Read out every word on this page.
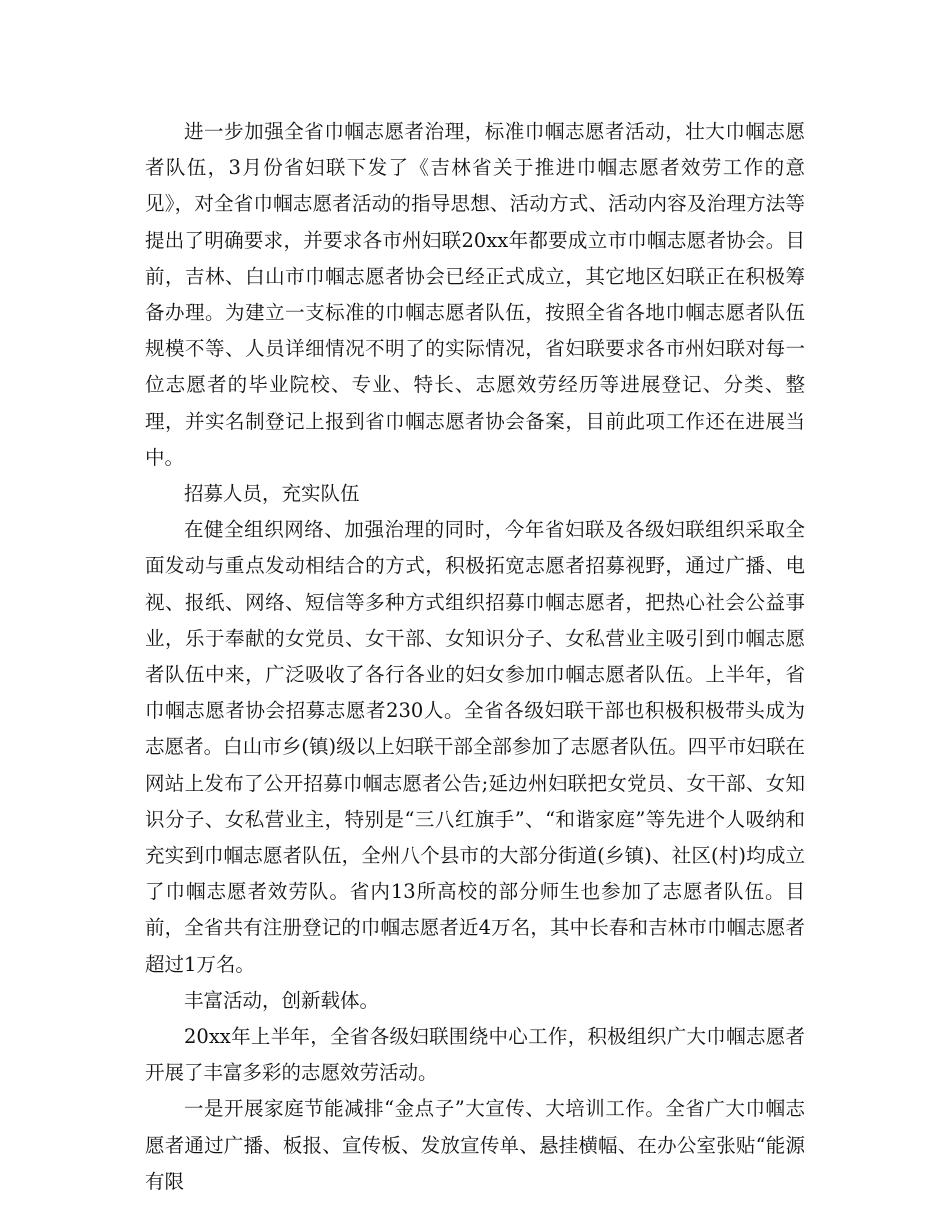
进一步加强全省巾帼志愿者治理，标准巾帼志愿者活动，壮大巾帼志愿者队伍，3月份省妇联下发了《吉林省关于推进巾帼志愿者效劳工作的意见》，对全省巾帼志愿者活动的指导思想、活动方式、活动内容及治理方法等提出了明确要求，并要求各市州妇联20xx年都要成立市巾帼志愿者协会。目前，吉林、白山市巾帼志愿者协会已经正式成立，其它地区妇联正在积极筹备办理。为建立一支标准的巾帼志愿者队伍，按照全省各地巾帼志愿者队伍规模不等、人员详细情况不明了的实际情况，省妇联要求各市州妇联对每一位志愿者的毕业院校、专业、特长、志愿效劳经历等进展登记、分类、整理，并实名制登记上报到省巾帼志愿者协会备案，目前此项工作还在进展当中。

招募人员，充实队伍

在健全组织网络、加强治理的同时，今年省妇联及各级妇联组织采取全面发动与重点发动相结合的方式，积极拓宽志愿者招募视野，通过广播、电视、报纸、网络、短信等多种方式组织招募巾帼志愿者，把热心社会公益事业，乐于奉献的女党员、女干部、女知识分子、女私营业主吸引到巾帼志愿者队伍中来，广泛吸收了各行各业的妇女参加巾帼志愿者队伍。上半年，省巾帼志愿者协会招募志愿者230人。全省各级妇联干部也积极积极带头成为志愿者。白山市乡(镇)级以上妇联干部全部参加了志愿者队伍。四平市妇联在网站上发布了公开招募巾帼志愿者公告;延边州妇联把女党员、女干部、女知识分子、女私营业主，特别是“三八红旗手”、“和谐家庭”等先进个人吸纳和充实到巾帼志愿者队伍，全州八个县市的大部分街道(乡镇)、社区(村)均成立了巾帼志愿者效劳队。省内13所高校的部分师生也参加了志愿者队伍。目前，全省共有注册登记的巾帼志愿者近4万名，其中长春和吉林市巾帼志愿者超过1万名。

丰富活动，创新载体。

20xx年上半年，全省各级妇联围绕中心工作，积极组织广大巾帼志愿者开展了丰富多彩的志愿效劳活动。

一是开展家庭节能减排“金点子”大宣传、大培训工作。全省广大巾帼志愿者通过广播、板报、宣传板、发放宣传单、悬挂横幅、在办公室张贴“能源有限
